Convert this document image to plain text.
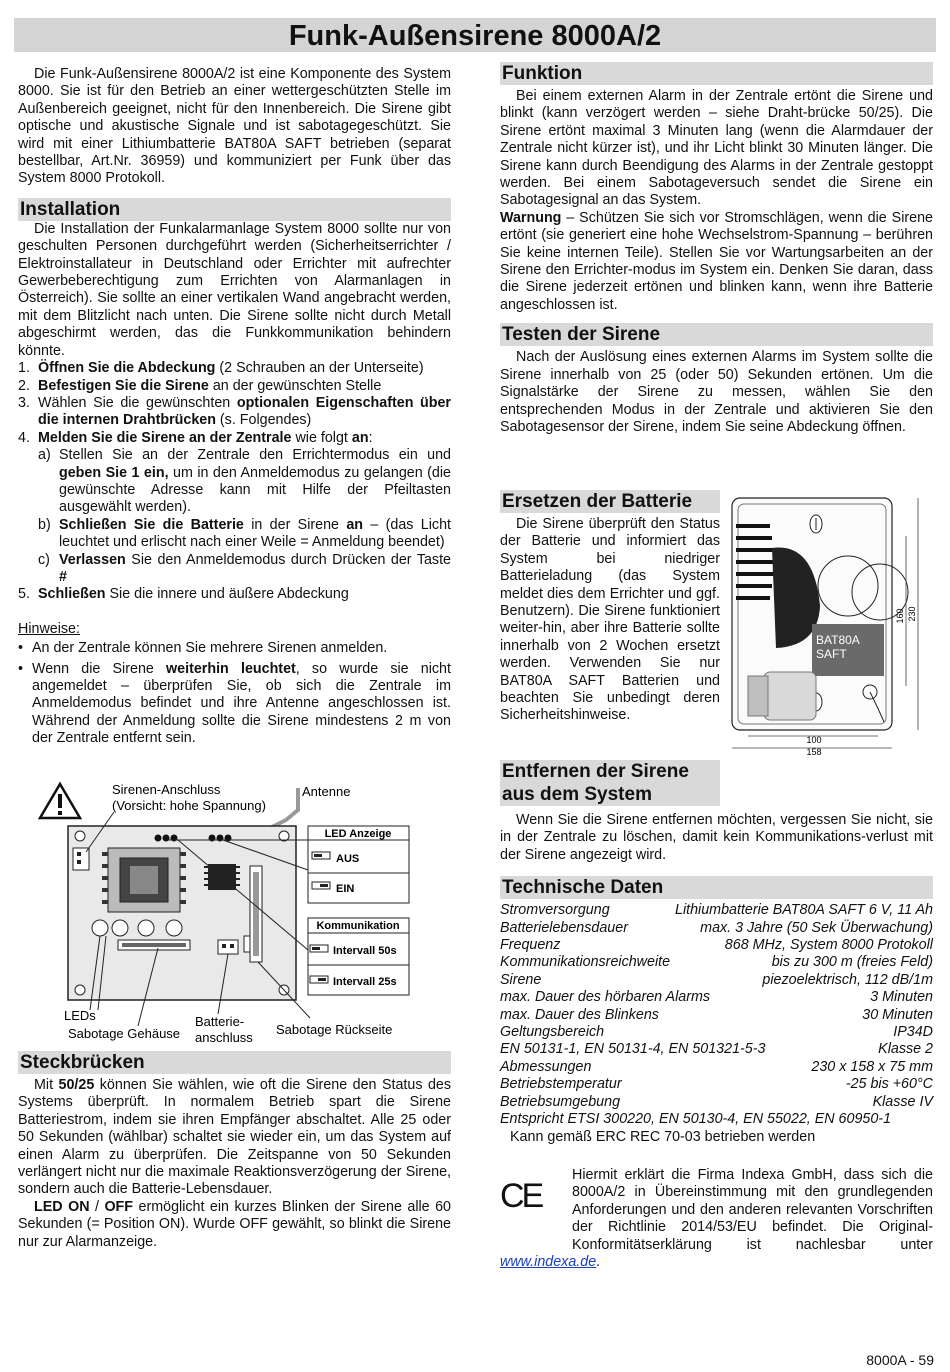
Funk-Außensirene 8000A/2

Die Funk-Außensirene 8000A/2 ist eine Komponente des System 8000. Sie ist für den Betrieb an einer wettergeschützten Stelle im Außenbereich geeignet, nicht für den Innenbereich. Die Sirene gibt optische und akustische Signale und ist sabotagegeschützt. Sie wird mit einer Lithiumbatterie BAT80A SAFT betrieben (separat bestellbar, Art.Nr. 36959) und kommuniziert per Funk über das System 8000 Protokoll.

Installation

Die Installation der Funkalarmanlage System 8000 sollte nur von geschulten Personen durchgeführt werden (Sicherheitserrichter / Elektroinstallateur in Deutschland oder Errichter mit aufrechter Gewerbeberechtigung zum Errichten von Alarmanlagen in Österreich). Sie sollte an einer vertikalen Wand angebracht werden, mit dem Blitzlicht nach unten. Die Sirene sollte nicht durch Metall abgeschirmt werden, das die Funkkommunikation behindern könnte.

1. Öffnen Sie die Abdeckung (2 Schrauben an der Unterseite)
2. Befestigen Sie die Sirene an der gewünschten Stelle
3. Wählen Sie die gewünschten optionalen Eigenschaften über die internen Drahtbrücken (s. Folgendes)
4. Melden Sie die Sirene an der Zentrale wie folgt an:
a) Stellen Sie an der Zentrale den Errichtermodus ein und geben Sie 1 ein, um in den Anmeldemodus zu gelangen (die gewünschte Adresse kann mit Hilfe der Pfeiltasten ausgewählt werden).
b) Schließen Sie die Batterie in der Sirene an – (das Licht leuchtet und erlischt nach einer Weile = Anmeldung beendet)
c) Verlassen Sie den Anmeldemodus durch Drücken der Taste #
5. Schließen Sie die innere und äußere Abdeckung
Hinweise:
• An der Zentrale können Sie mehrere Sirenen anmelden.
• Wenn die Sirene weiterhin leuchtet, so wurde sie nicht angemeldet – überprüfen Sie, ob sich die Zentrale im Anmeldemodus befindet und ihre Antenne angeschlossen ist. Während der Anmeldung sollte die Sirene mindestens 2 m von der Zentrale entfernt sein.
Sirenen-Anschluss
(Vorsicht: hohe Spannung)
Antenne
LED Anzeige
AUS
EIN
Kommunikation
Intervall 50s
Intervall 25s
LEDs
Sabotage Gehäuse
Batterie-
anschluss
Sabotage Rückseite
Steckbrücken

Mit 50/25 können Sie wählen, wie oft die Sirene den Status des Systems überprüft. In normalem Betrieb spart die Sirene Batteriestrom, indem sie ihren Empfänger abschaltet. Alle 25 oder 50 Sekunden (wählbar) schaltet sie wieder ein, um das System auf einen Alarm zu überprüfen. Die Zeitspanne von 50 Sekunden verlängert nicht nur die maximale Reaktionsverzögerung der Sirene, sondern auch die Batterie-Lebensdauer.

LED ON / OFF ermöglicht ein kurzes Blinken der Sirene alle 60 Sekunden (= Position ON). Wurde OFF gewählt, so blinkt die Sirene nur zur Alarmanzeige.

Funktion

Bei einem externen Alarm in der Zentrale ertönt die Sirene und blinkt (kann verzögert werden – siehe Draht-brücke 50/25). Die Sirene ertönt maximal 3 Minuten lang (wenn die Alarmdauer der Zentrale nicht kürzer ist), und ihr Licht blinkt 30 Minuten länger. Die Sirene kann durch Beendigung des Alarms in der Zentrale gestoppt werden. Bei einem Sabotageversuch sendet die Sirene ein Sabotagesignal an das System.

Warnung – Schützen Sie sich vor Stromschlägen, wenn die Sirene ertönt (sie generiert eine hohe Wechselstrom-Spannung – berühren Sie keine internen Teile). Stellen Sie vor Wartungsarbeiten an der Sirene den Errichter-modus im System ein. Denken Sie daran, dass die Sirene jederzeit ertönen und blinken kann, wenn ihre Batterie angeschlossen ist.

Testen der Sirene

Nach der Auslösung eines externen Alarms im System sollte die Sirene innerhalb von 25 (oder 50) Sekunden ertönen. Um die Signalstärke der Sirene zu messen, wählen Sie den entsprechenden Modus in der Zentrale und aktivieren Sie den Sabotagesensor der Sirene, indem Sie seine Abdeckung öffnen.

Ersetzen der Batterie

Die Sirene überprüft den Status der Batterie und informiert das System bei niedriger Batterieladung (das System meldet dies dem Errichter und ggf. Benutzern). Die Sirene funktioniert weiter-hin, aber ihre Batterie sollte innerhalb von 2 Wochen ersetzt werden. Verwenden Sie nur BAT80A SAFT Batterien und beachten Sie unbedingt deren Sicherheitshinweise.

BAT80A
SAFT
160 230
100
158
Entfernen der Sirene
aus dem System

Wenn Sie die Sirene entfernen möchten, vergessen Sie nicht, sie in der Zentrale zu löschen, damit kein Kommunikations-verlust mit der Sirene angezeigt wird.

Technische Daten
Stromversorgung	Lithiumbatterie BAT80A SAFT 6 V, 11 Ah
Batterielebensdauer	max. 3 Jahre (50 Sek Überwachung)
Frequenz	868 MHz, System 8000 Protokoll
Kommunikationsreichweite	bis zu 300 m (freies Feld)
Sirene	piezoelektrisch, 112 dB/1m
max. Dauer des hörbaren Alarms	3 Minuten
max. Dauer des Blinkens	30 Minuten
Geltungsbereich	IP34D
EN 50131-1, EN 50131-4, EN 501321-5-3	Klasse 2
Abmessungen	230 x 158 x 75 mm
Betriebstemperatur	-25 bis +60°C
Betriebsumgebung	Klasse IV
Entspricht ETSI 300220, EN 50130-4, EN 55022, EN 60950-1
Kann gemäß ERC REC 70-03 betrieben werden
CE

Hiermit erklärt die Firma Indexa GmbH, dass sich die 8000A/2 in Übereinstimmung mit den grundlegenden Anforderungen und den anderen relevanten Vorschriften der Richtlinie 2014/53/EU befindet. Die Original-Konformitätserklärung ist nachlesbar unter www.indexa.de.

8000A - 59
